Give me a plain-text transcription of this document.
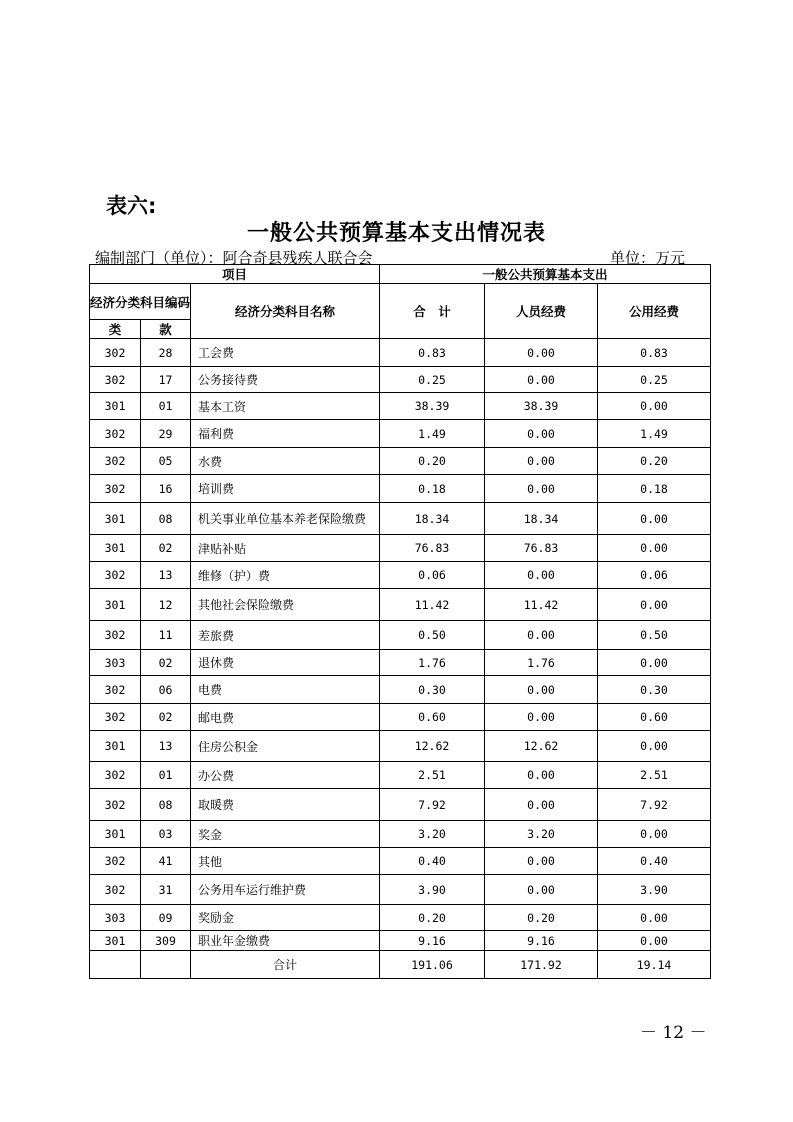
表六:
一般公共预算基本支出情况表
编制部门（单位）：阿合奇县残疾人联合会	单位：万元
项目			一般公共预算基本支出		
经济分类科目编码		经济分类科目名称	合　计	人员经费	公用经费
类	款				
302	28	工会费	0.83	0.00	0.83
302	17	公务接待费	0.25	0.00	0.25
301	01	基本工资	38.39	38.39	0.00
302	29	福利费	1.49	0.00	1.49
302	05	水费	0.20	0.00	0.20
302	16	培训费	0.18	0.00	0.18
301	08	机关事业单位基本养老保险缴费	18.34	18.34	0.00
301	02	津贴补贴	76.83	76.83	0.00
302	13	维修（护）费	0.06	0.00	0.06
301	12	其他社会保险缴费	11.42	11.42	0.00
302	11	差旅费	0.50	0.00	0.50
303	02	退休费	1.76	1.76	0.00
302	06	电费	0.30	0.00	0.30
302	02	邮电费	0.60	0.00	0.60
301	13	住房公积金	12.62	12.62	0.00
302	01	办公费	2.51	0.00	2.51
302	08	取暖费	7.92	0.00	7.92
301	03	奖金	3.20	3.20	0.00
302	41	其他	0.40	0.00	0.40
302	31	公务用车运行维护费	3.90	0.00	3.90
303	09	奖励金	0.20	0.20	0.00
301	309	职业年金缴费	9.16	9.16	0.00
		合计	191.06	171.92	19.14
－ 12 －
